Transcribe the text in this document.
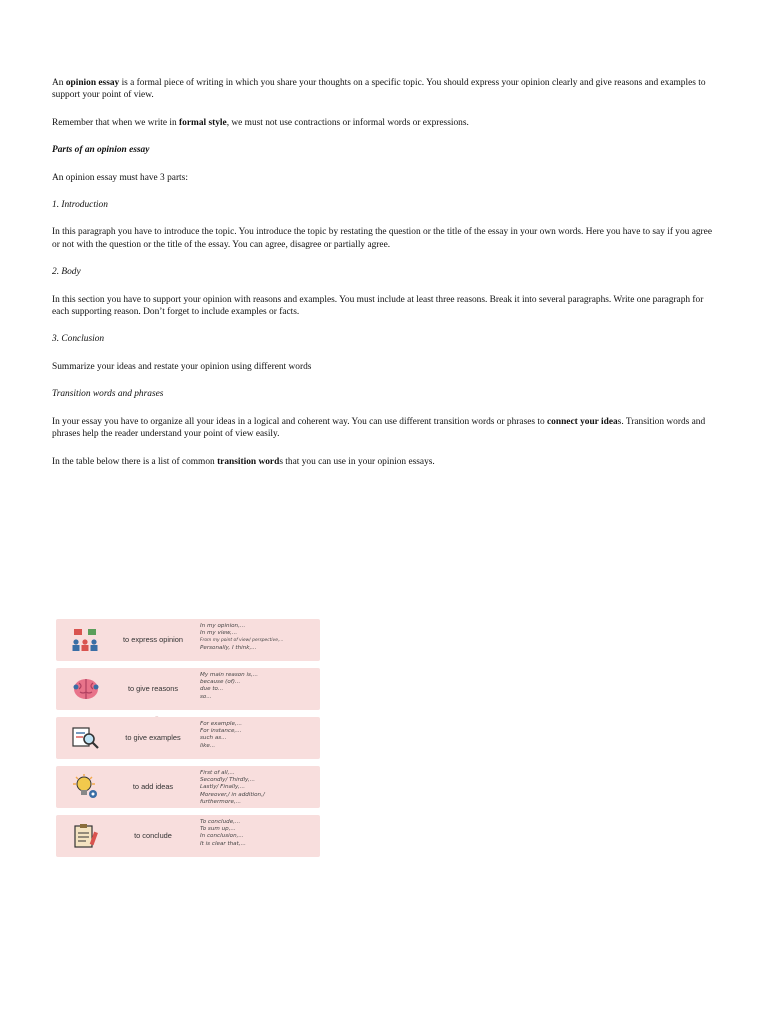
An opinion essay is a formal piece of writing in which you share your thoughts on a specific topic. You should express your opinion clearly and give reasons and examples to support your point of view.

Remember that when we write in formal style, we must not use contractions or informal words or expressions.

Parts of an opinion essay

An opinion essay must have 3 parts:

1. Introduction

In this paragraph you have to introduce the topic. You introduce the topic by restating the question or the title of the essay in your own words. Here you have to say if you agree or not with the question or the title of the essay. You can agree, disagree or partially agree.

2. Body

In this section you have to support your opinion with reasons and examples. You must include at least three reasons. Break it into several paragraphs. Write one paragraph for each supporting reason. Don’t forget to include examples or facts.

3. Conclusion

Summarize your ideas and restate your opinion using different words

Transition words and phrases

In your essay you have to organize all your ideas in a logical and coherent way. You can use different transition words or phrases to connect your ideas. Transition words and phrases help the reader understand your point of view easily.

In the table below there is a list of common transition words that you can use in your opinion essays.

to express opinion
In my opinion,...
In my view,...
From my point of view/ perspective,...
Personally, I think,...
to give reasons
My main reason is,...
because (of)...
due to...
so...
to give examples
For example,...
For instance,...
such as...
like...
to add ideas
First of all,...
Secondly/ Thirdly,...
Lastly/ Finally,...
Moreover,/ in addition,/
furthermore,...
to conclude
To conclude,...
To sum up,...
In conclusion,...
It is clear that,...
